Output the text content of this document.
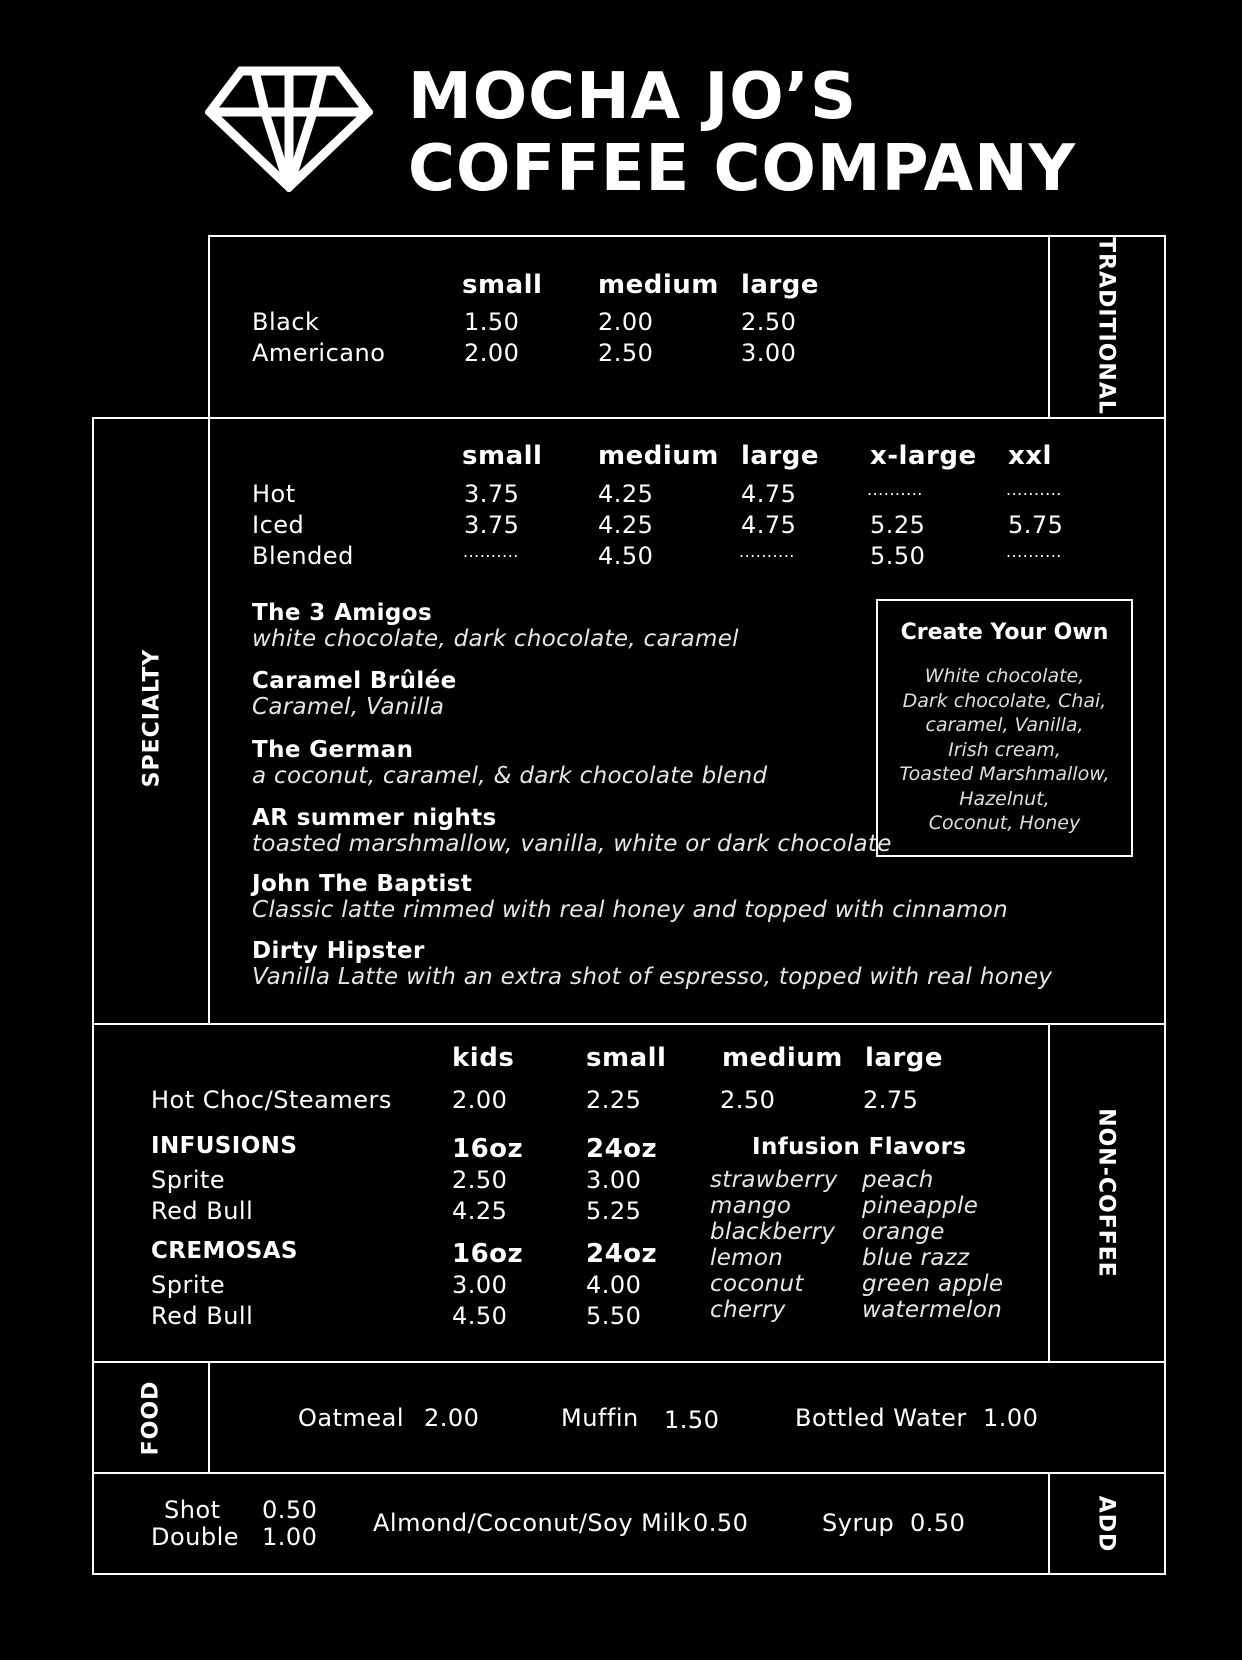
MOCHA JO’S
COFFEE COMPANY
TRADITIONAL
SPECIALTY
NON-COFFEE
FOOD
ADD
small medium large
Black	1.50	2.00	2.50
Americano	2.00	2.50	3.00
small medium large x-large xxl
Hot	3.75	4.25	4.75	..........	..........
Iced	3.75	4.25	4.75	5.25	5.75
Blended	..........	4.50	..........	5.50	..........
The 3 Amigos
white chocolate, dark chocolate, caramel
Caramel Brûlée
Caramel, Vanilla
The German
a coconut, caramel, & dark chocolate blend
AR summer nights
toasted marshmallow, vanilla, white or dark chocolate
John The Baptist
Classic latte rimmed with real honey and topped with cinnamon
Dirty Hipster
Vanilla Latte with an extra shot of espresso, topped with real honey
Create Your Own
White chocolate,
Dark chocolate, Chai,
caramel, Vanilla,
Irish cream,
Toasted Marshmallow,
Hazelnut,
Coconut, Honey
kids	small medium large
Hot Choc/Steamers	2.00	2.25	2.50	2.75
INFUSIONS	16oz 24oz
Sprite	2.50	3.00
Red Bull	4.25	5.25
CREMOSAS	16oz 24oz
Sprite	3.00	4.00
Red Bull	4.50	5.50
Infusion Flavors
strawberry
mango
blackberry
lemon
coconut
cherry
peach
pineapple
orange
blue razz
green apple
watermelon
Oatmeal 2.00	Muffin 1.50	Bottled Water 1.00
Shot 0.50
Double 1.00 Almond/Coconut/Soy Milk 0.50	Syrup 0.50
